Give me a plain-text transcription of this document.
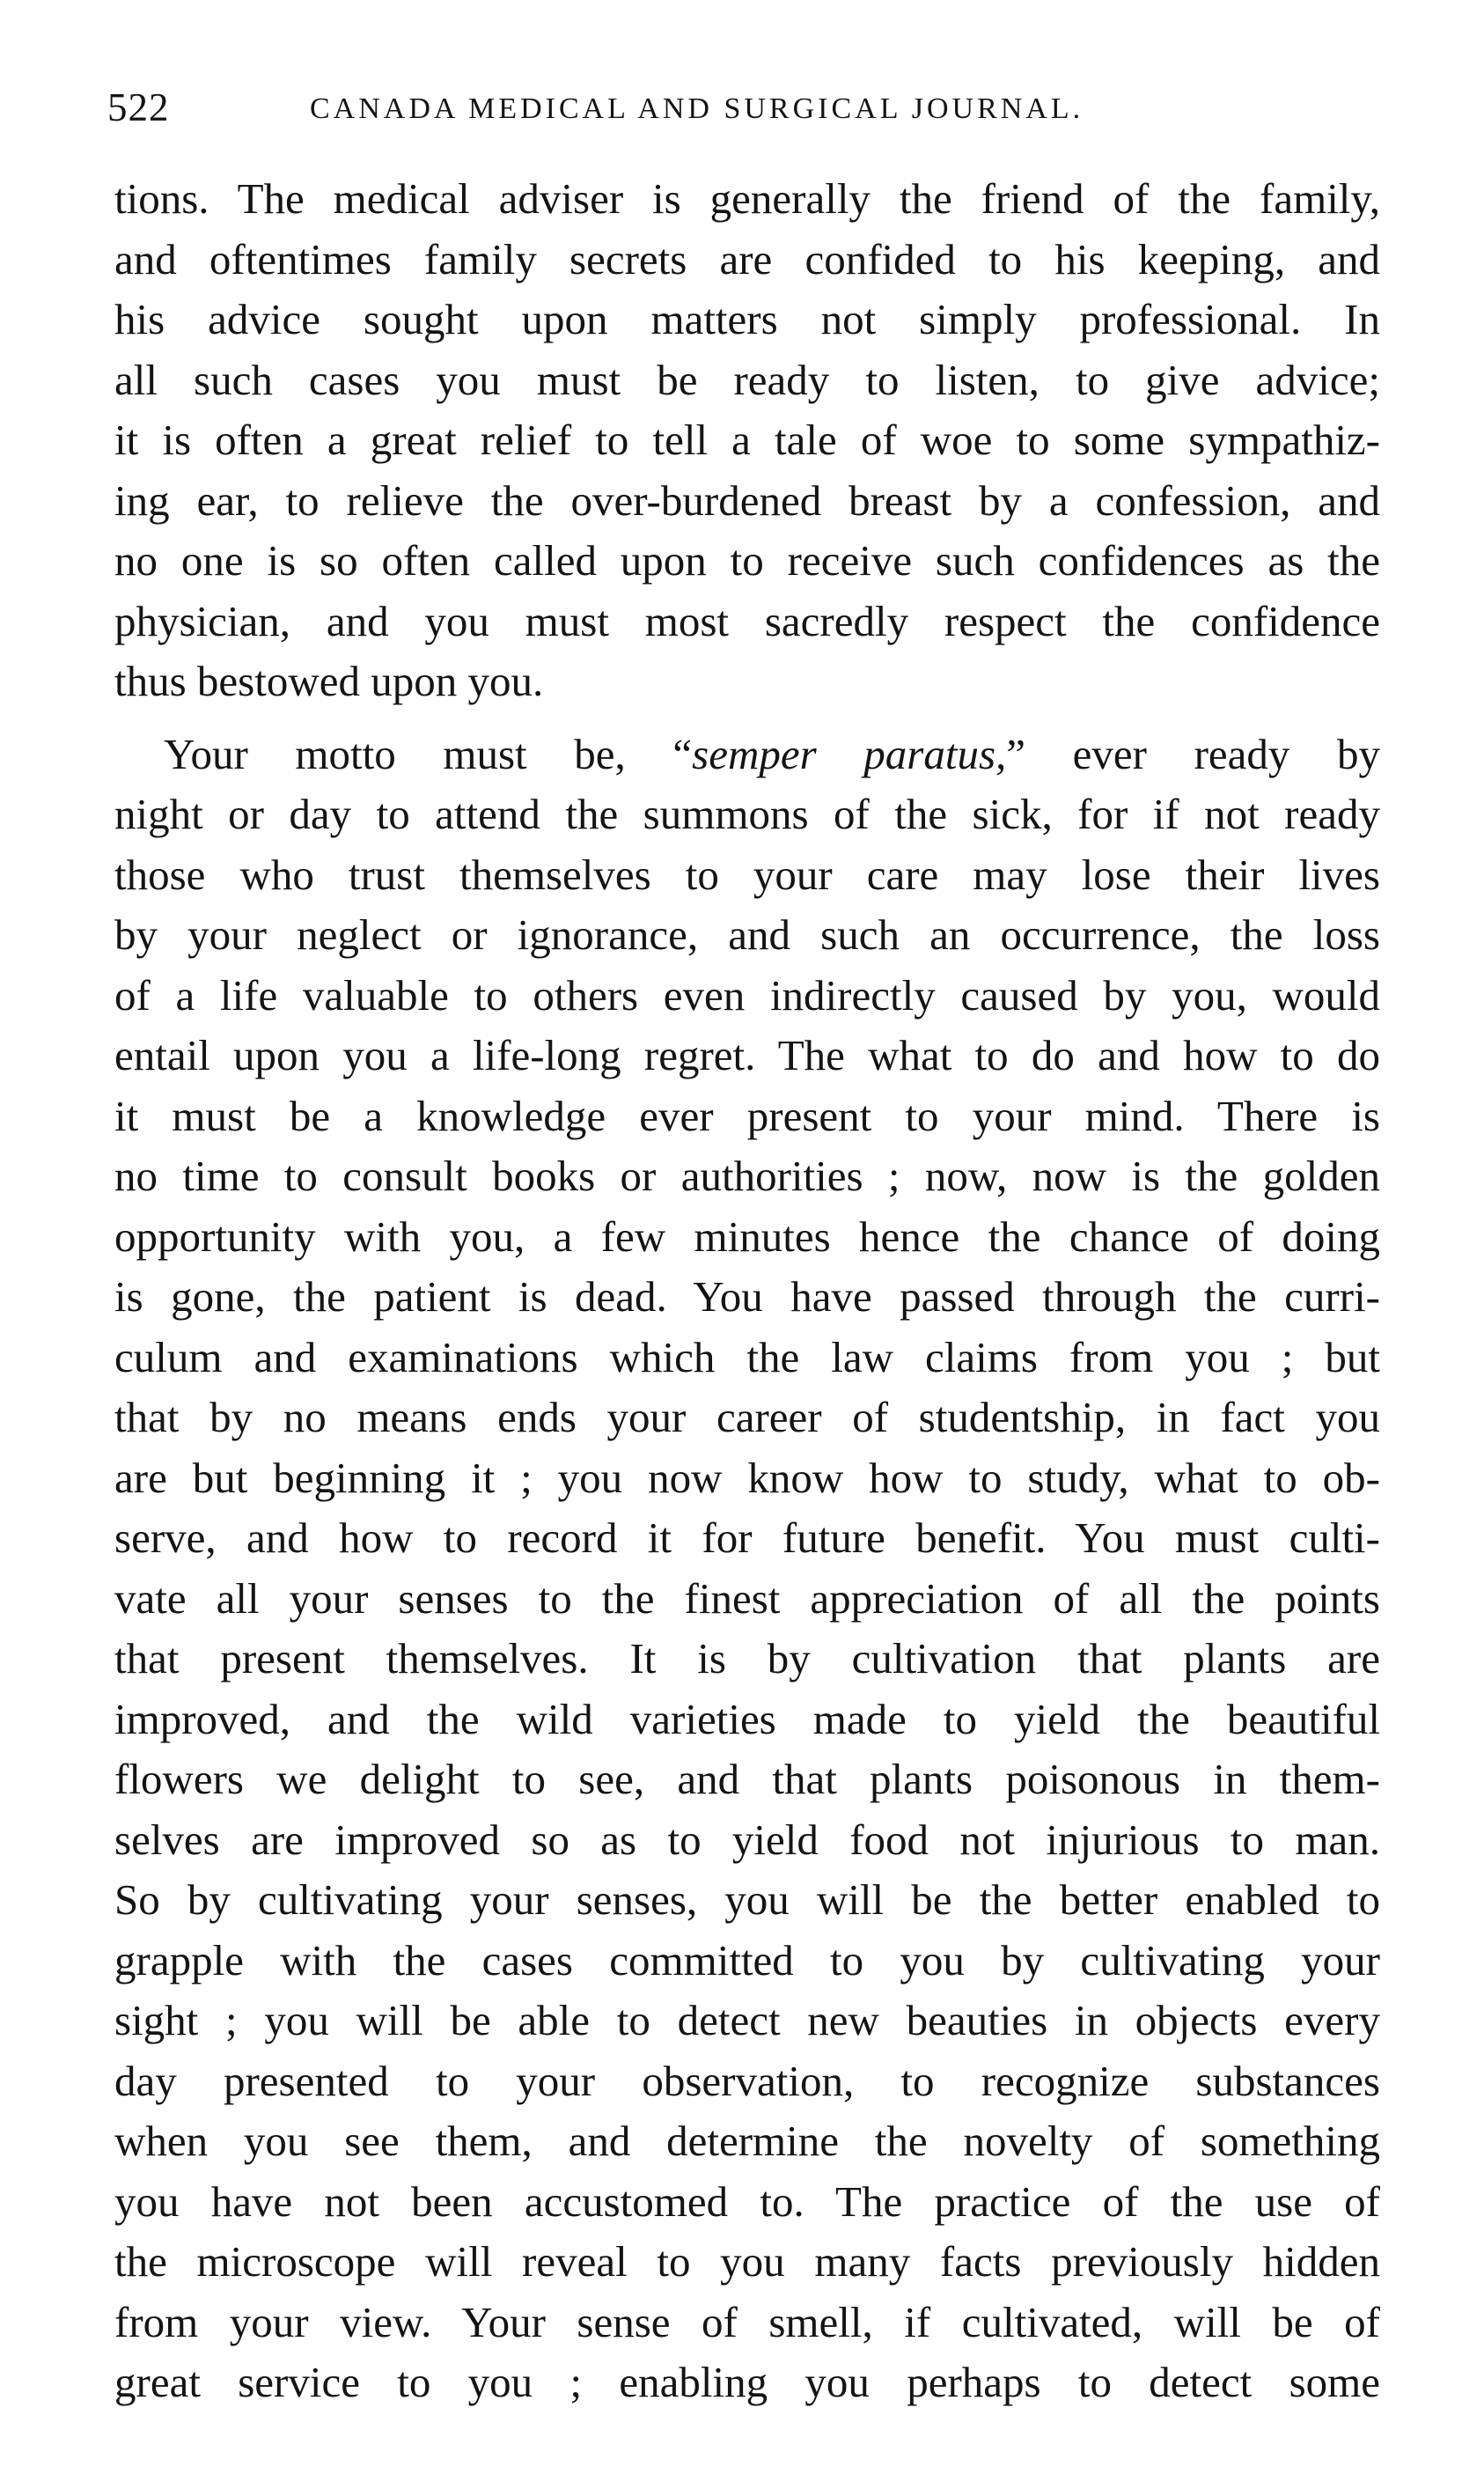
522	CANADA MEDICAL AND SURGICAL JOURNAL.
tions. The medical adviser is generally the friend of the family,
and oftentimes family secrets are confided to his keeping, and
his advice sought upon matters not simply professional. In
all such cases you must be ready to listen, to give advice;
it is often a great relief to tell a tale of woe to some sympathiz-
ing ear, to relieve the over-burdened breast by a confession, and
no one is so often called upon to receive such confidences as the
physician, and you must most sacredly respect the confidence
thus bestowed upon you.
Your motto must be, “semper paratus,” ever ready by
night or day to attend the summons of the sick, for if not ready
those who trust themselves to your care may lose their lives
by your neglect or ignorance, and such an occurrence, the loss
of a life valuable to others even indirectly caused by you, would
entail upon you a life-long regret. The what to do and how to do
it must be a knowledge ever present to your mind. There is
no time to consult books or authorities ; now, now is the golden
opportunity with you, a few minutes hence the chance of doing
is gone, the patient is dead. You have passed through the curri-
culum and examinations which the law claims from you ; but
that by no means ends your career of studentship, in fact you
are but beginning it ; you now know how to study, what to ob-
serve, and how to record it for future benefit. You must culti-
vate all your senses to the finest appreciation of all the points
that present themselves. It is by cultivation that plants are
improved, and the wild varieties made to yield the beautiful
flowers we delight to see, and that plants poisonous in them-
selves are improved so as to yield food not injurious to man.
So by cultivating your senses, you will be the better enabled to
grapple with the cases committed to you by cultivating your
sight ; you will be able to detect new beauties in objects every
day presented to your observation, to recognize substances
when you see them, and determine the novelty of something
you have not been accustomed to. The practice of the use of
the microscope will reveal to you many facts previously hidden
from your view. Your sense of smell, if cultivated, will be of
great service to you ; enabling you perhaps to detect some
